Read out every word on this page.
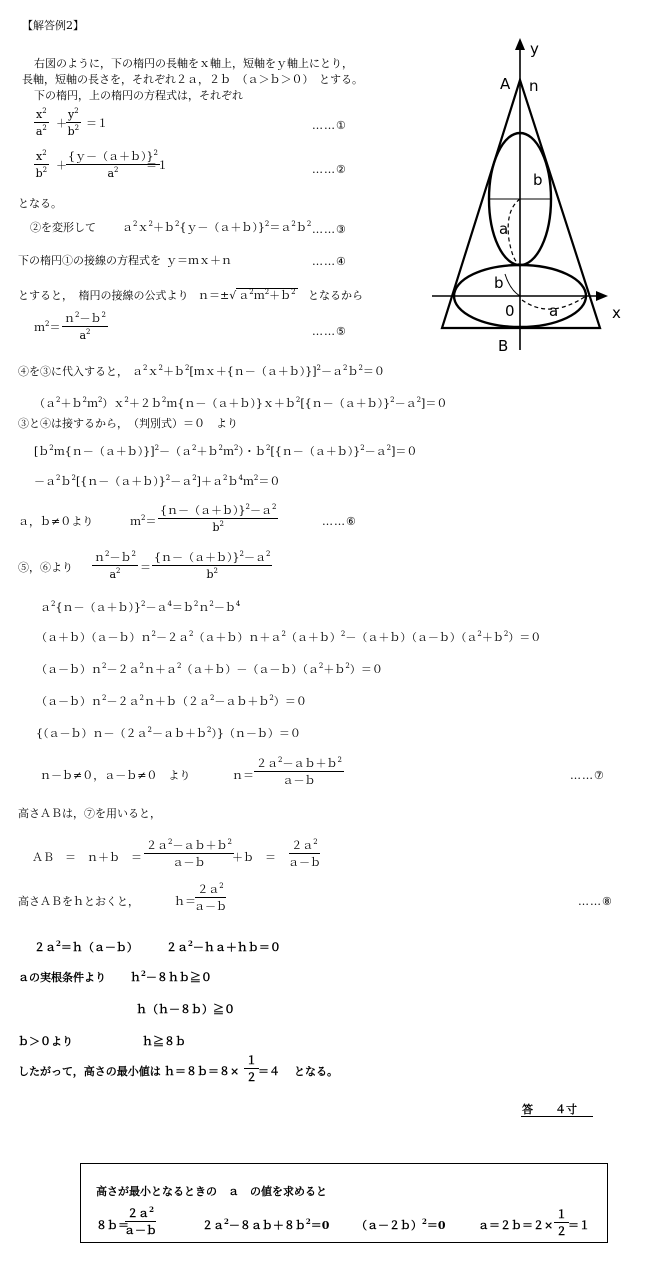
y
x
A n
B
0 a
b
a
b
【解答例2】
右図のように，下の楕円の長軸をｘ軸上，短軸をｙ軸上にとり，
長軸，短軸の長さを，それぞれ２ａ，２ｂ　（ａ＞ｂ＞０）　とする。
下の楕円，上の楕円の方程式は，それぞれ
$\frac{x^2}{a^2} + \frac{y^2}{b^2} =1$	……①
$\frac{x^2}{b^2} + \frac{\{y-(a+b)\}^2}{a^2}$
＝１	……②
となる。
②を変形して ａ$^2$ｘ$^2$＋ｂ$^2${ｙ－（ａ＋ｂ）}$^2$＝ａ$^2$ｂ$^2$ ……③
下の楕円①の接線の方程式を ｙ＝ｍｘ＋ｎ	……④
とすると，　楕円の接線の公式より ｎ＝±√ ａ$^2$ｍ$^2$＋ｂ$^2$ となるから
ｍ$^2$＝ $\frac{n^2-b^2}{a^2}$	……⑤
④を③に代入すると， ａ$^2$ｘ$^2$＋ｂ$^2$[ｍｘ＋{ｎ－（ａ＋ｂ）}]$^2$－ａ$^2$ｂ$^2$＝０
（ａ$^2$＋ｂ$^2$ｍ$^2$）ｘ$^2$＋２ｂ$^2$ｍ{ｎ－（ａ＋ｂ）}ｘ＋ｂ$^2$[{ｎ－（ａ＋ｂ）}$^2$－ａ$^2$]＝０
③と④は接するから，　（判別式）＝０　より
[ｂ$^2$ｍ{ｎ－（ａ＋ｂ）}]$^2$－（ａ$^2$＋ｂ$^2$ｍ$^2$）・ｂ$^2$[{ｎ－（ａ＋ｂ）}$^2$－ａ$^2$]＝０
－ａ$^2$ｂ$^2$[{ｎ－（ａ＋ｂ）}$^2$－ａ$^2$]＋ａ$^2$ｂ$^4$ｍ$^2$＝０
ａ，ｂ≠０より	ｍ$^2$＝ $\frac{\{n-(a+b)\}^2-a^2}{b^2}$	……⑥
⑤，⑥より $\frac{n^2-b^2}{a^2} = \frac{\{n-(a+b)\}^2-a^2}{b^2}$
ａ$^2${ｎ－（ａ＋ｂ）}$^2$－ａ$^4$＝ｂ$^2$ｎ$^2$－ｂ$^4$
（ａ＋ｂ）（ａ－ｂ）ｎ$^2$－２ａ$^2$（ａ＋ｂ）ｎ＋ａ$^2$（ａ＋ｂ）$^2$－（ａ＋ｂ）（ａ－ｂ）（ａ$^2$＋ｂ$^2$）＝０
（ａ－ｂ）ｎ$^2$－２ａ$^2$ｎ＋ａ$^2$（ａ＋ｂ）－（ａ－ｂ）（ａ$^2$＋ｂ$^2$）＝０
（ａ－ｂ）ｎ$^2$－２ａ$^2$ｎ＋ｂ（２ａ$^2$－ａｂ＋ｂ$^2$）＝０
{（ａ－ｂ）ｎ－（２ａ$^2$－ａｂ＋ｂ$^2$）}（ｎ－ｂ）＝０
ｎ－ｂ≠０，ａ－ｂ≠０　より	ｎ＝ $\frac{2a^2-ab+b^2}{\text{ａ－ｂ}}$	……⑦
高さＡＢは，⑦を用いると，
ＡＢ　＝　ｎ＋ｂ　＝ $\frac{2a^2-ab+b^2}{\text{ａ－ｂ}}$
＋ｂ　＝ $\frac{2a^2}{\text{ａ－ｂ}}$
高さＡＢをｈとおくと，	ｈ＝
$\frac{2a^2}{\text{ａ－ｂ}}$	……⑧
２ａ$^2$＝ｈ（ａ－ｂ）	２ａ$^2$－ｈａ＋ｈｂ＝０
ａの実根条件より ｈ$^2$－８ｈｂ≧０
ｈ（ｈ－８ｂ）≧０
ｂ＞０より	ｈ≧８ｂ
したがって，高さの最小値は ｈ＝８ｂ＝８×
１
２ ＝４ となる。
答　　４寸
高さが最小となるときの　ａ　の値を求めると
８ｂ＝
$\frac{2a^2}{\text{ａ－ｂ}}$	２ａ$^2$－８ａｂ＋８ｂ$^2$＝0 （ａ－２ｂ）$^2$＝0	ａ＝２ｂ＝２×
１
２ ＝１
